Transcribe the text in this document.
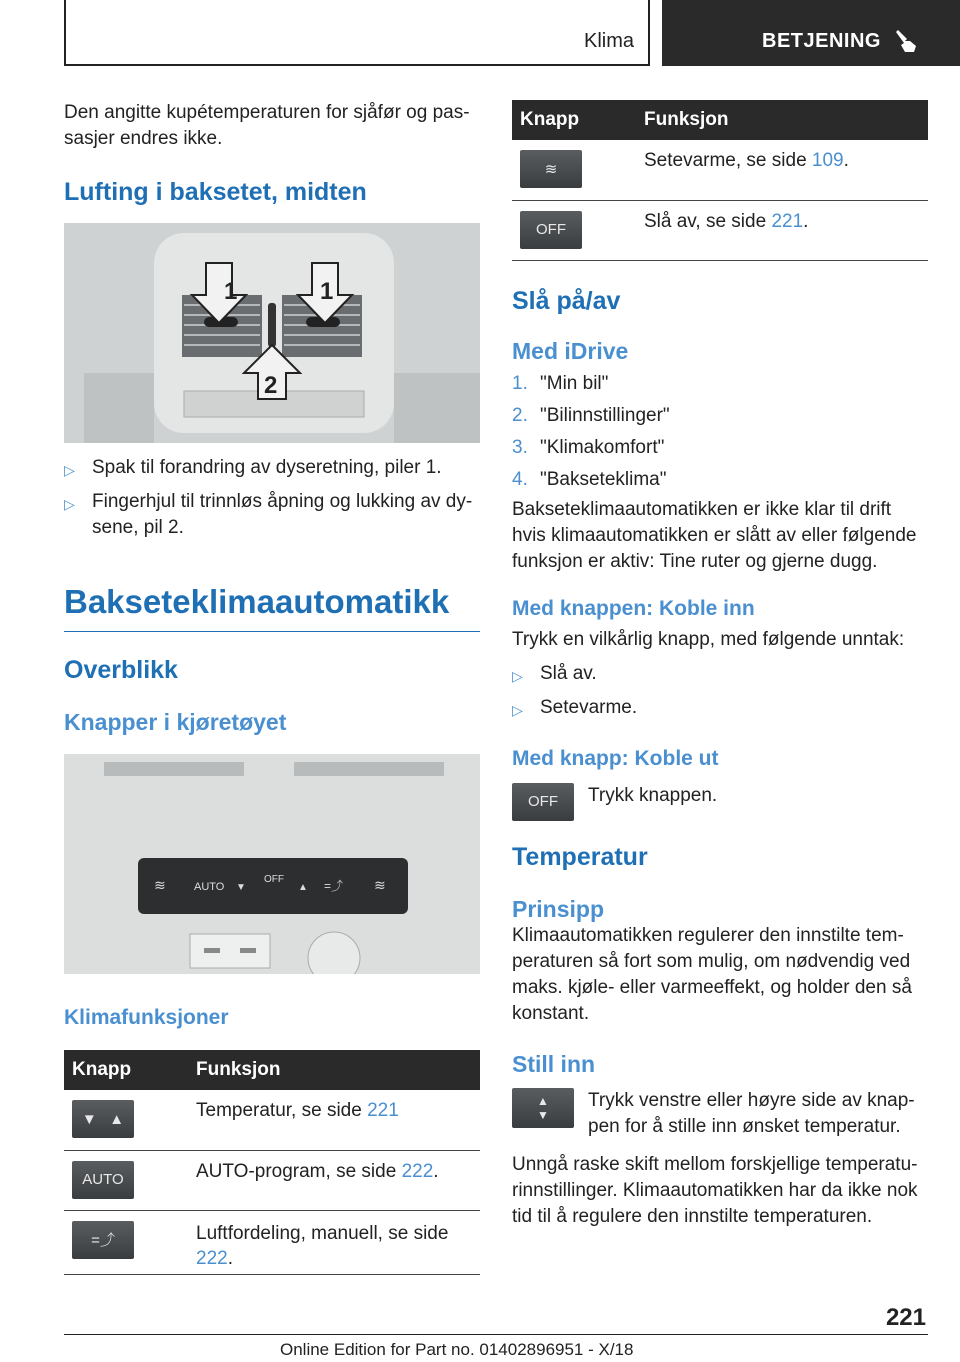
Klima	BETJENING

Den angitte kupétemperaturen for sjåfør og pas-sasjer endres ikke.

Lufting i baksetet, midten
1	1
2
▷ Spak til forandring av dyseretning, piler 1.
▷ Fingerhjul til trinnløs åpning og lukking av dy-sene, pil 2.
Bakseteklimaautomatikk
Overblikk
Knapper i kjøretøyet
AUTO
OFF
≋	▼	▲ =⤴ ≋
Klimafunksjoner
Knapp	Funksjon

▼   ▲	Temperatur, se side 221

AUTO	AUTO-program, se side 222.

=⤴	Luftfordeling, manuell, se side 222.
Knapp	Funksjon

≋	Setevarme, se side 109.

OFF	Slå av, se side 221.
Slå på/av
Med iDrive
1. "Min bil"
2. "Bilinnstillinger"
3. "Klimakomfort"
4. "Bakseteklima"

Bakseteklimaautomatikken er ikke klar til drift hvis klimaautomatikken er slått av eller følgende funksjon er aktiv: Tine ruter og gjerne dugg.

Med knappen: Koble inn

Trykk en vilkårlig knapp, med følgende unntak:

▷ Slå av.
▷ Setevarme.
Med knapp: Koble ut
OFF	Trykk knappen.

Temperatur
Prinsipp

Klimaautomatikken regulerer den innstilte tem-peraturen så fort som mulig, om nødvendig ved maks. kjøle- eller varmeeffekt, og holder den så konstant.

Still inn
▲
▼

Trykk venstre eller høyre side av knap-pen for å stille inn ønsket temperatur.

Unngå raske skift mellom forskjellige temperatu-rinnstillinger. Klimaautomatikken har da ikke nok tid til å regulere den innstilte temperaturen.

221
Online Edition for Part no. 01402896951 - X/18
